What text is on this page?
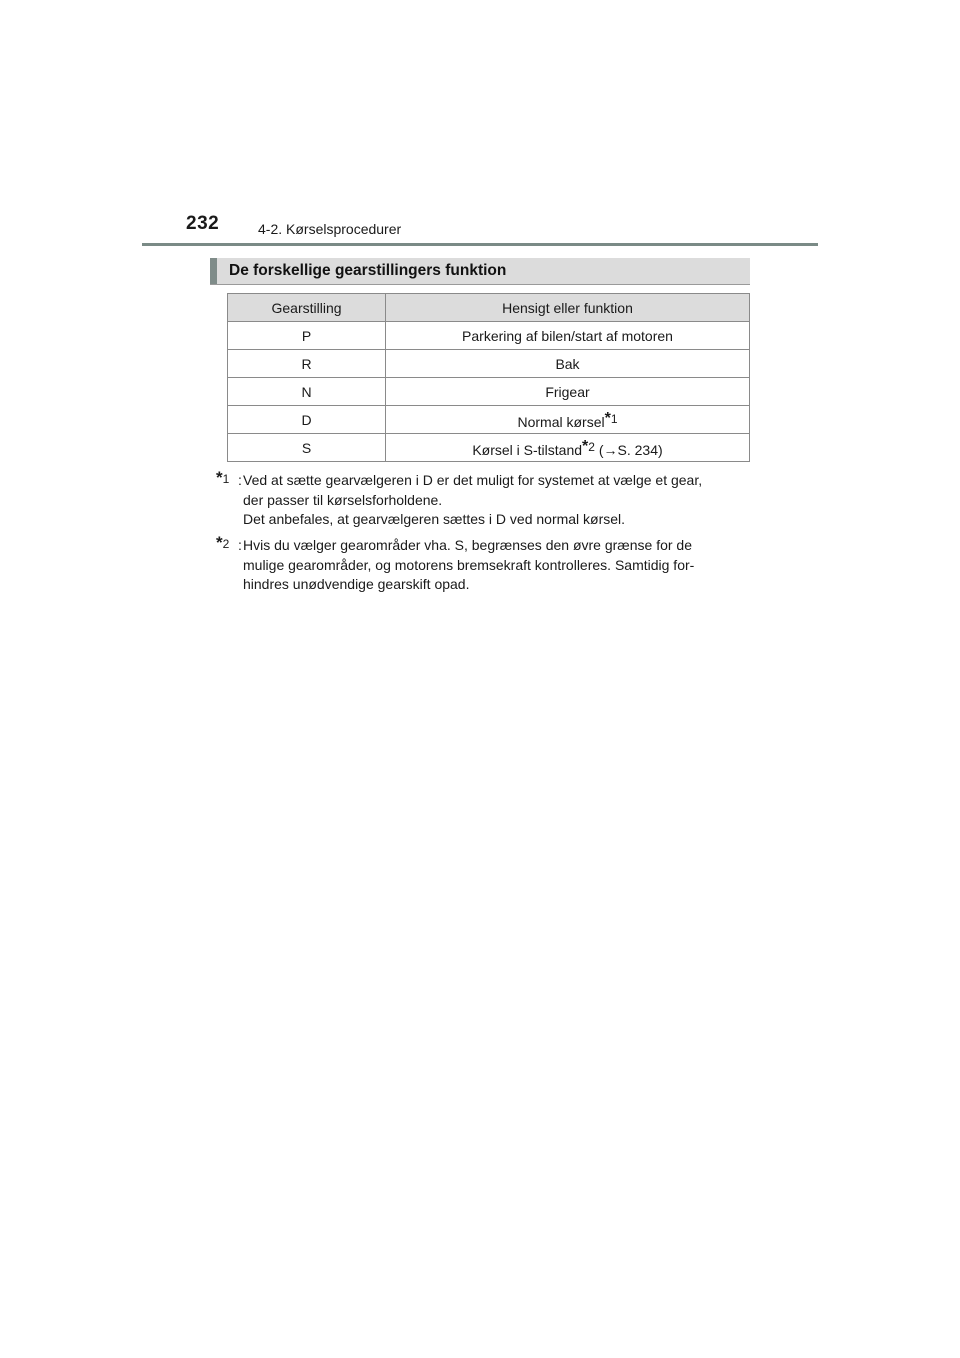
232	4-2. Kørselsprocedurer
De forskellige gearstillingers funktion
Gearstilling	Hensigt eller funktion
P	Parkering af bilen/start af motoren
R	Bak
N	Frigear
D	Normal kørsel$^{*1}$
S	Kørsel i S-tilstand$^{*2}$ (→S. 234)
*1 : Ved at sætte gearvælgeren i D er det muligt for systemet at vælge et gear,
der passer til kørselsforholdene.
Det anbefales, at gearvælgeren sættes i D ved normal kørsel.
*2 : Hvis du vælger gearområder vha. S, begrænses den øvre grænse for de
mulige gearområder, og motorens bremsekraft kontrolleres. Samtidig for-
hindres unødvendige gearskift opad.
